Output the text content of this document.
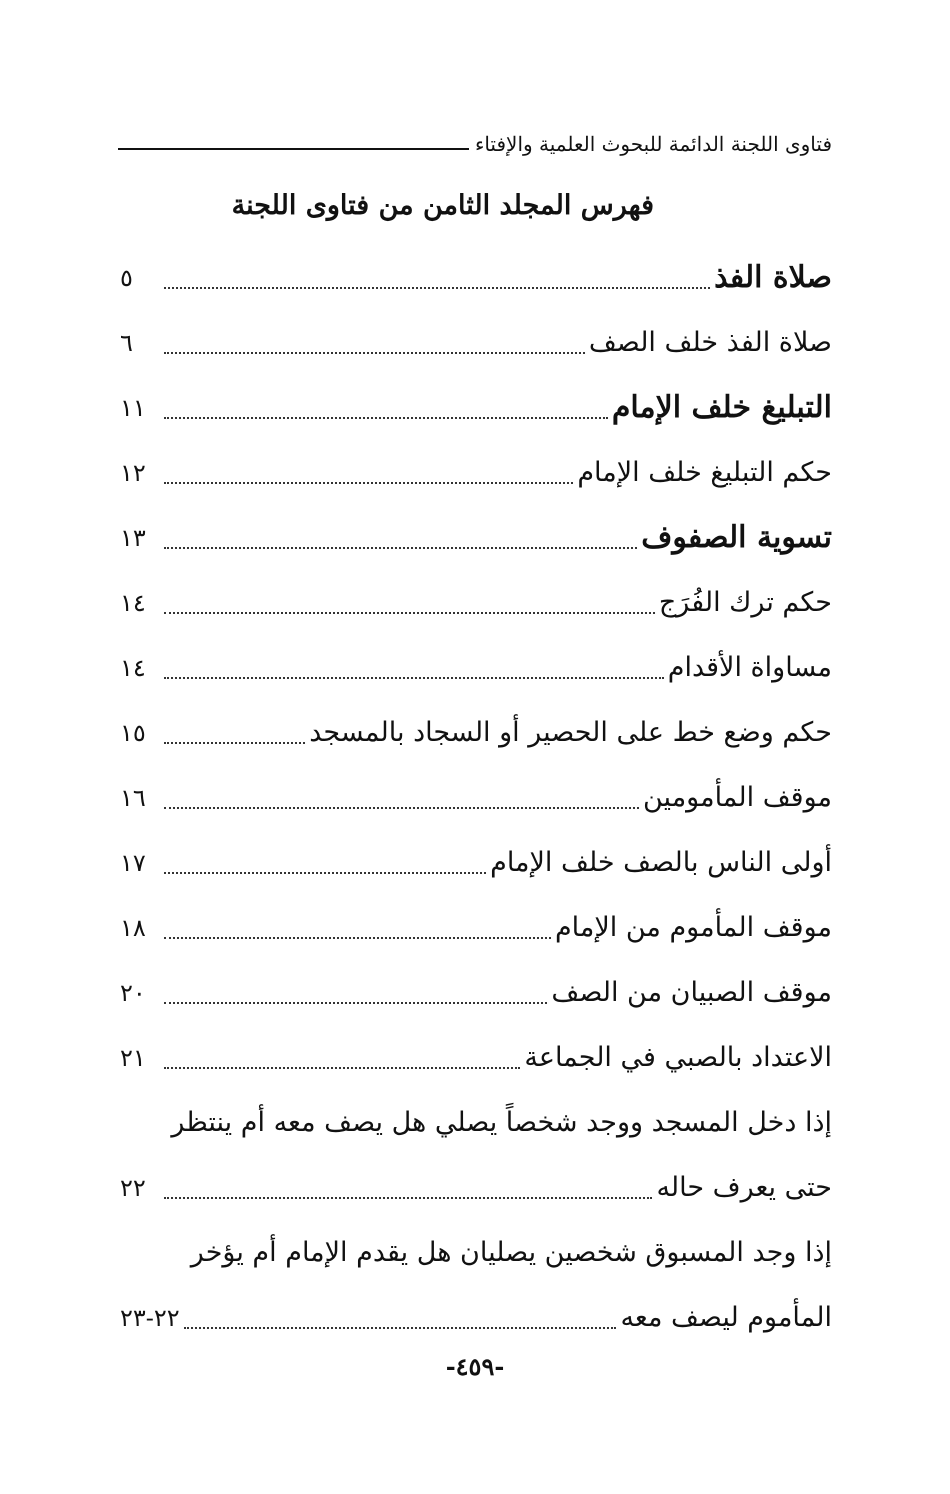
فتاوى اللجنة الدائمة للبحوث العلمية والإفتاء
فهرس المجلد الثامن من فتاوى اللجنة
صلاة الفذ
٥
صلاة الفذ خلف الصف
٦
التبليغ خلف الإمام
١١
حكم التبليغ خلف الإمام
١٢
تسوية الصفوف
١٣
حكم ترك الفُرَج
١٤
مساواة الأقدام
١٤
حكم وضع خط على الحصير أو السجاد بالمسجد
١٥
موقف المأمومين
١٦
أولى الناس بالصف خلف الإمام
١٧
موقف المأموم من الإمام
١٨
موقف الصبيان من الصف
٢٠
الاعتداد بالصبي في الجماعة
٢١
إذا دخل المسجد ووجد شخصاً يصلي هل يصف معه أم ينتظر
حتى يعرف حاله
٢٢
إذا وجد المسبوق شخصين يصليان هل يقدم الإمام أم يؤخر
المأموم ليصف معه
٢٢-٢٣
-٤٥٩-
